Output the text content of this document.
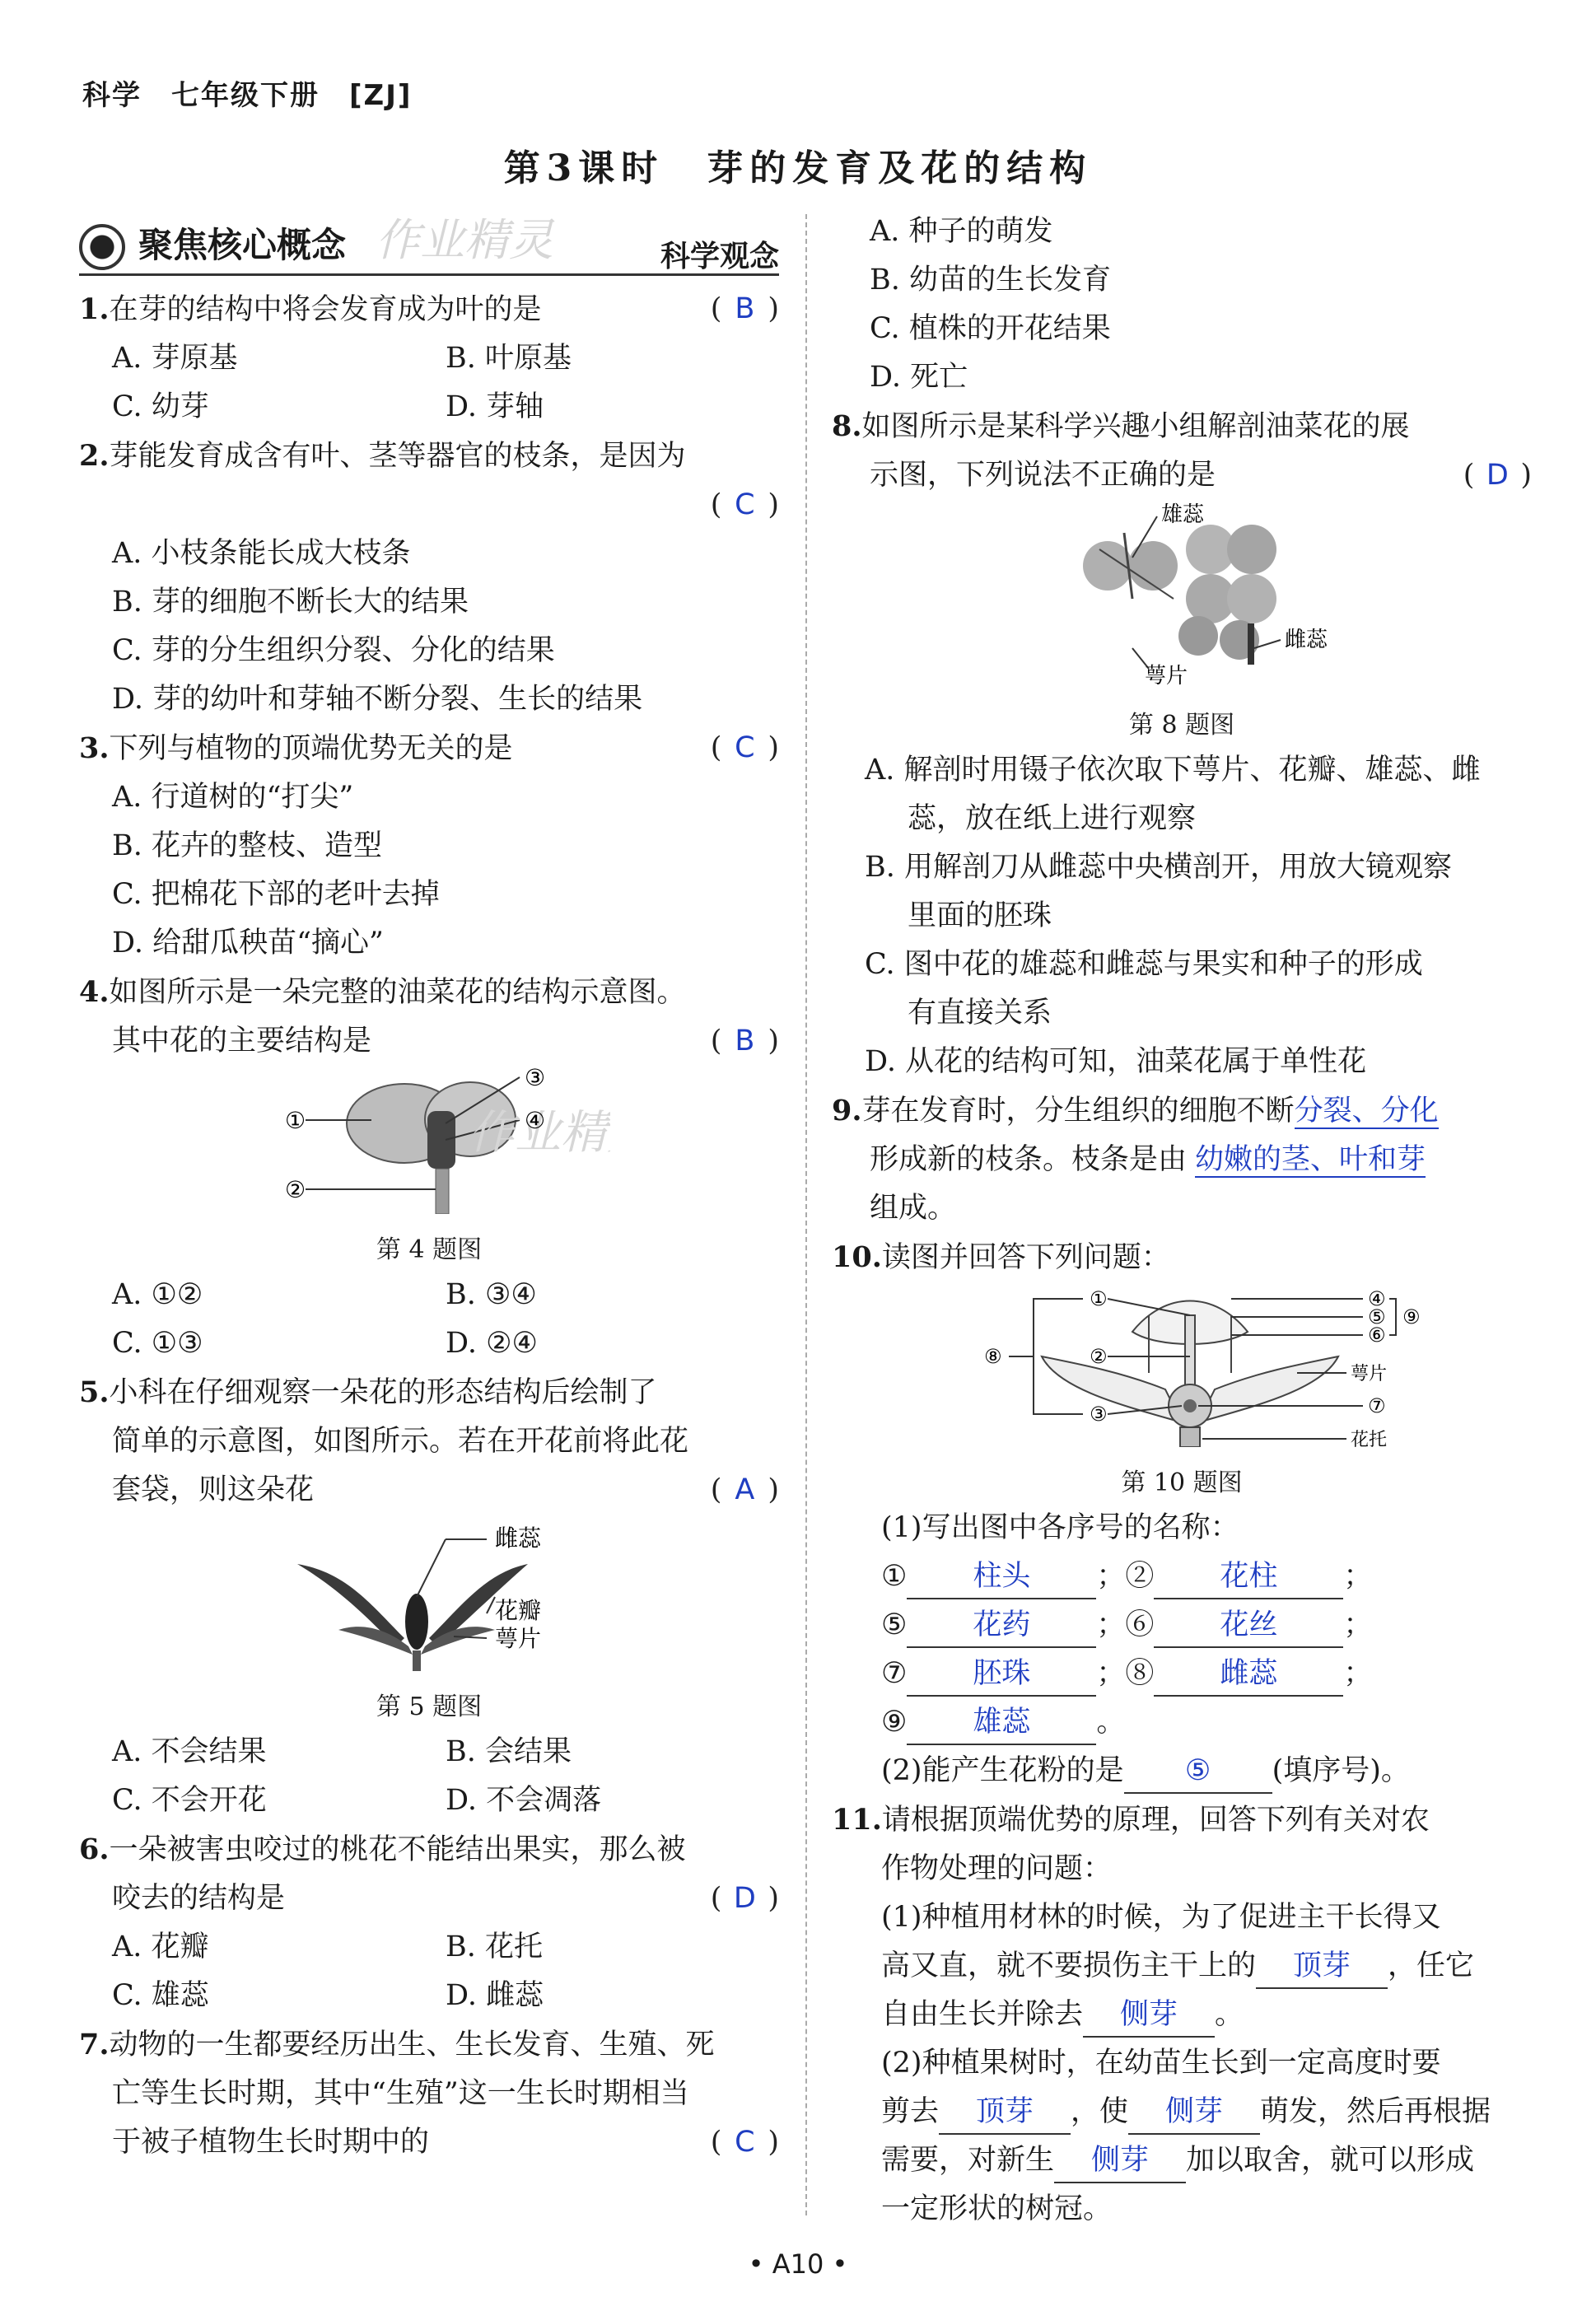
科学　七年级下册　[ZJ]
第3课时　芽的发育及花的结构
聚焦核心概念 作业精灵	科学观念
1.在芽的结构中将会发育成为叶的是	( B )
A. 芽原基	B. 叶原基
C. 幼芽	D. 芽轴
2.芽能发育成含有叶、茎等器官的枝条，是因为
( C )
A. 小枝条能长成大枝条
B. 芽的细胞不断长大的结果
C. 芽的分生组织分裂、分化的结果
D. 芽的幼叶和芽轴不断分裂、生长的结果
3.下列与植物的顶端优势无关的是	( C )
A. 行道树的“打尖”
B. 花卉的整枝、造型
C. 把棉花下部的老叶去掉
D. 给甜瓜秧苗“摘心”
4.如图所示是一朵完整的油菜花的结构示意图。
其中花的主要结构是	( B )
作业精
①
②
③
④
第 4 题图
A. ①②	B. ③④
C. ①③	D. ②④
5.小科在仔细观察一朵花的形态结构后绘制了
简单的示意图，如图所示。若在开花前将此花
套袋，则这朵花	( A )
雌蕊
花瓣
萼片
第 5 题图
A. 不会结果	B. 会结果
C. 不会开花	D. 不会凋落
6.一朵被害虫咬过的桃花不能结出果实，那么被
咬去的结构是	( D )
A. 花瓣	B. 花托
C. 雄蕊	D. 雌蕊
7.动物的一生都要经历出生、生长发育、生殖、死
亡等生长时期，其中“生殖”这一生长时期相当
于被子植物生长时期中的	( C )
A. 种子的萌发
B. 幼苗的生长发育
C. 植株的开花结果
D. 死亡
8.如图所示是某科学兴趣小组解剖油菜花的展
示图，下列说法不正确的是	( D )
雄蕊
雌蕊
萼片
第 8 题图
A. 解剖时用镊子依次取下萼片、花瓣、雄蕊、雌
蕊，放在纸上进行观察
B. 用解剖刀从雌蕊中央横剖开，用放大镜观察
里面的胚珠
C. 图中花的雄蕊和雌蕊与果实和种子的形成
有直接关系
D. 从花的结构可知，油菜花属于单性花
9.芽在发育时，分生组织的细胞不断分裂、分化
形成新的枝条。枝条是由 幼嫩的茎、叶和芽
组成。
10.读图并回答下列问题：
①
②
③
④
⑤
⑥
⑦
⑧
⑨
萼片
花托
第 10 题图
(1)写出图中各序号的名称：
① 柱头 ；② 花柱 ；
⑤ 花药 ；⑥ 花丝 ；
⑦ 胚珠 ；⑧ 雌蕊 ；
⑨ 雄蕊 。
(2)能产生花粉的是 ⑤ (填序号)。
11.请根据顶端优势的原理，回答下列有关对农
作物处理的问题：
(1)种植用材林的时候，为了促进主干长得又
高又直，就不要损伤主干上的 顶芽 ，任它
自由生长并除去 侧芽 。
(2)种植果树时，在幼苗生长到一定高度时要
剪去 顶芽 ，使 侧芽 萌发，然后再根据
需要，对新生 侧芽 加以取舍，就可以形成
一定形状的树冠。
• A10 •
